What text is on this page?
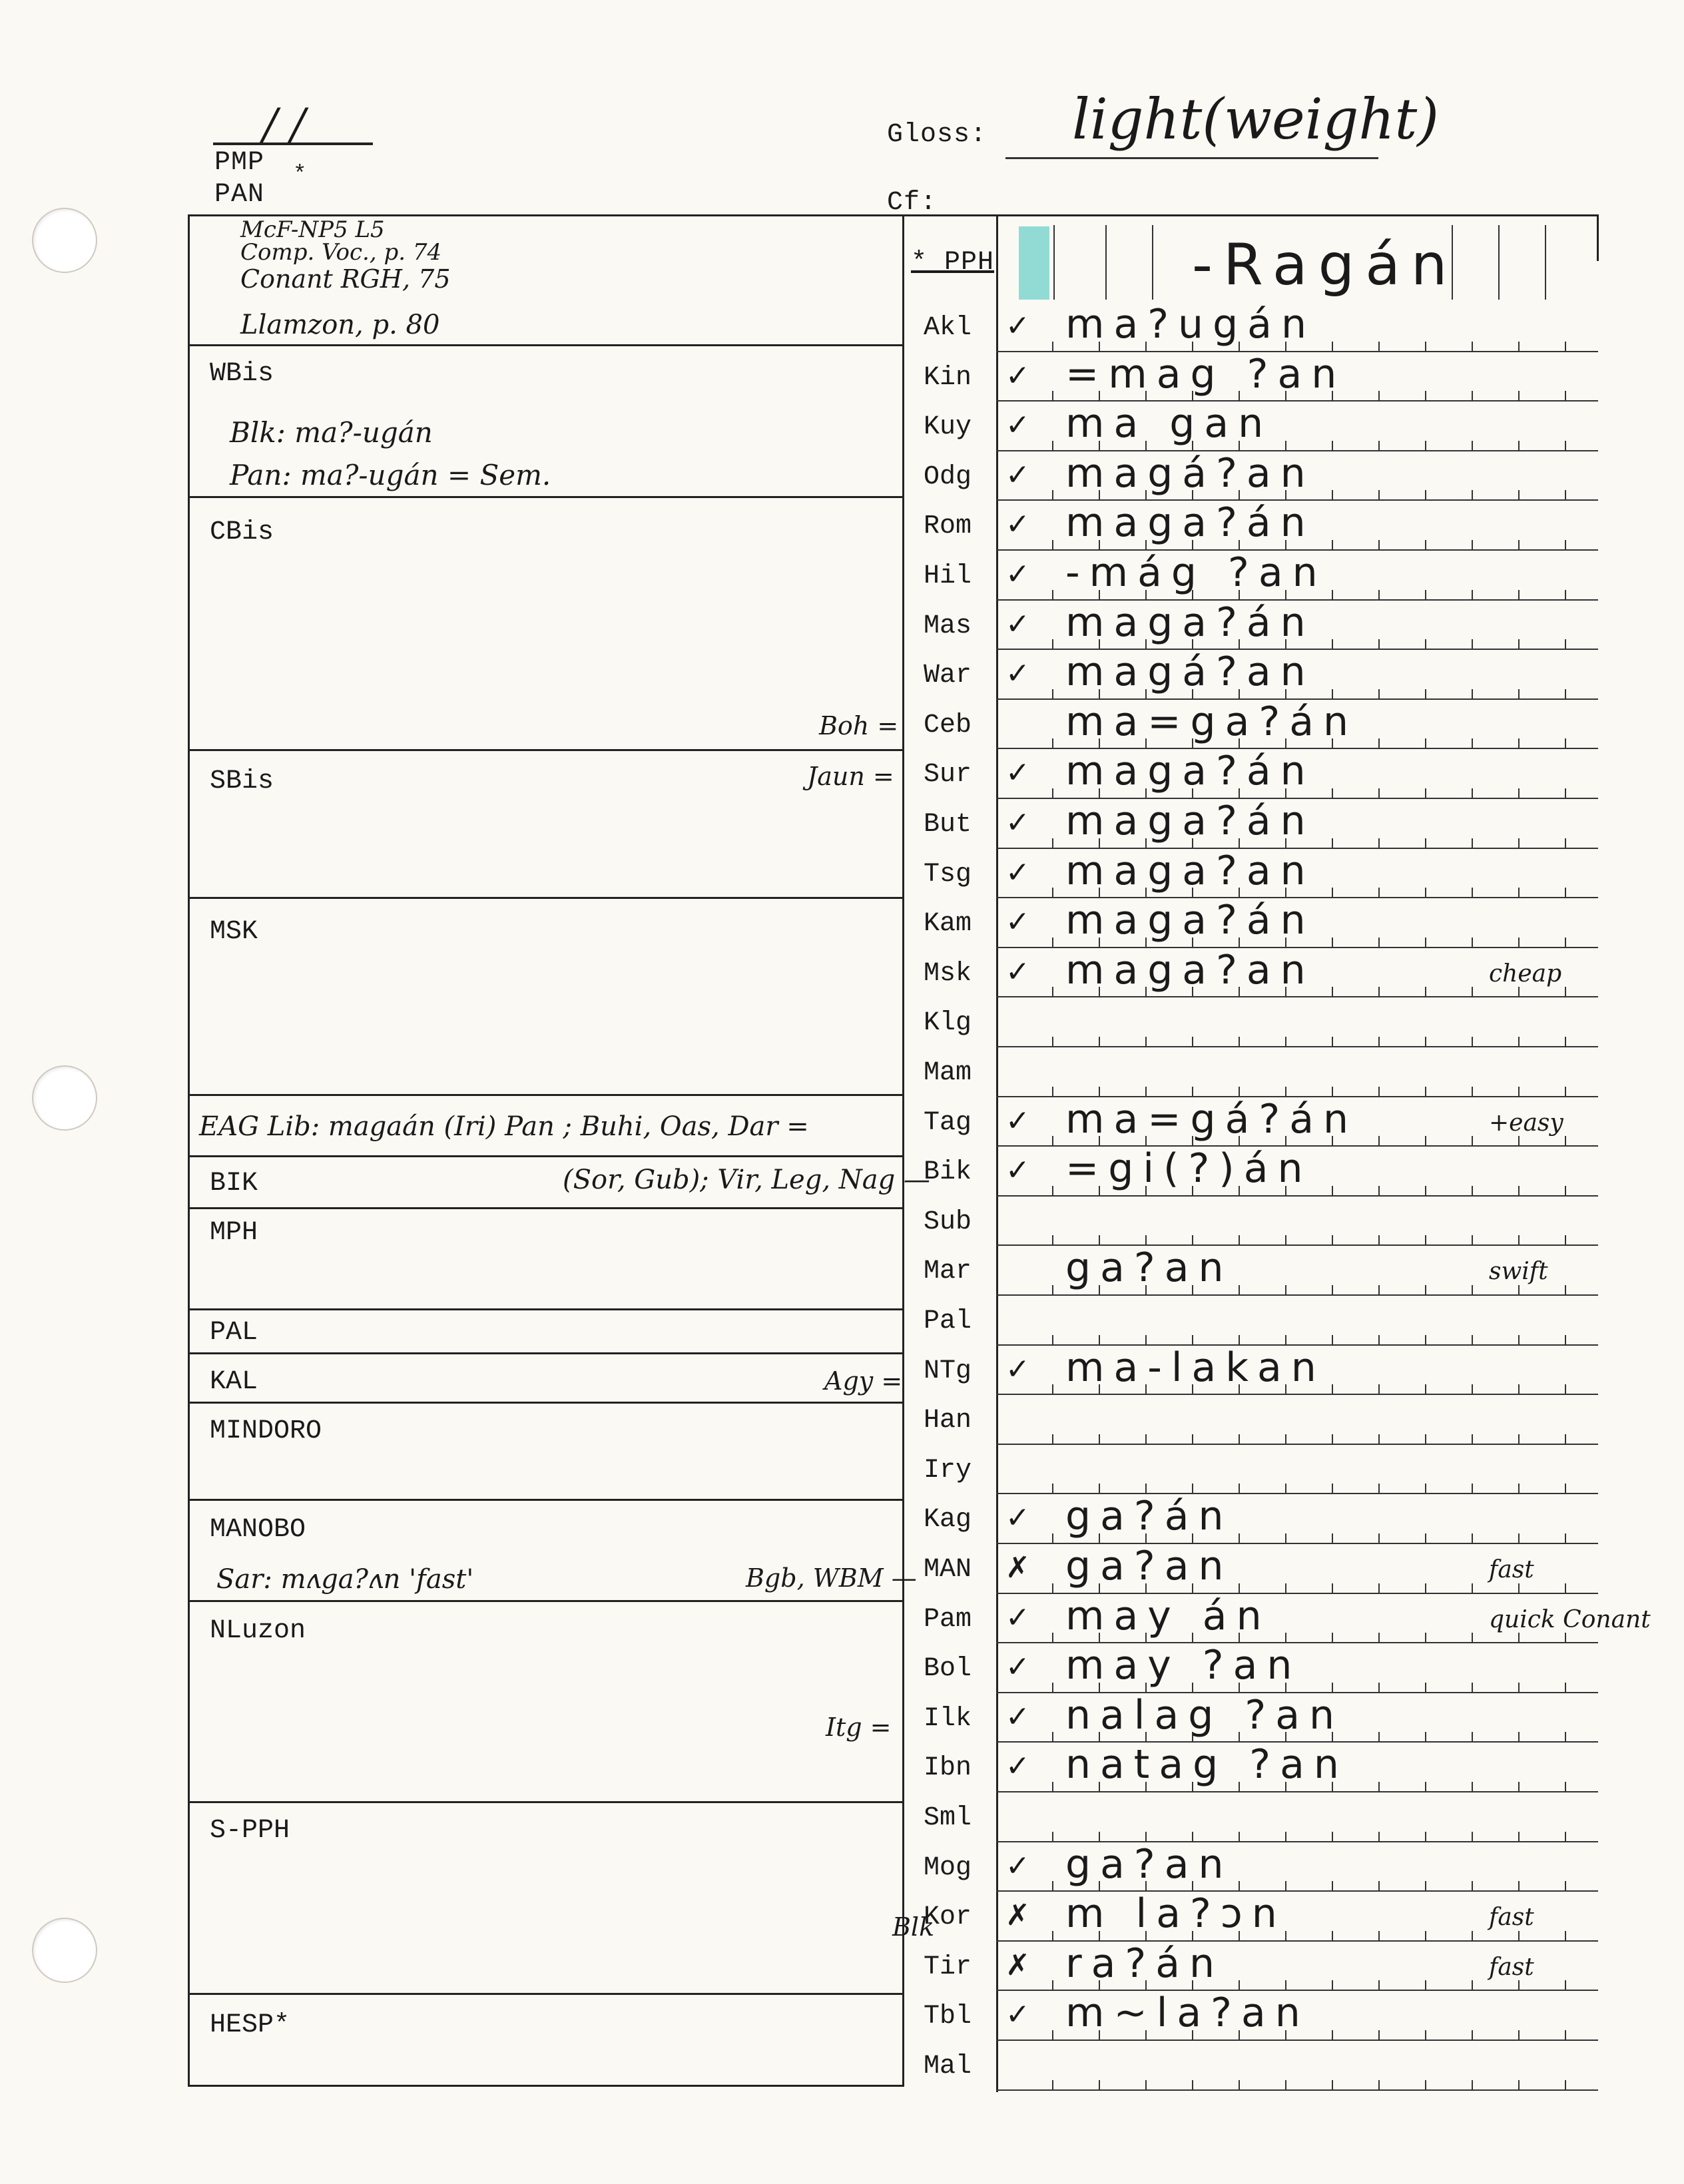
/ /
PMP
PAN
*
Gloss: light(weight)
Cf:
McF-NP5 L5
Comp. Voc., p. 74
Conant RGH, 75
Llamzon, p. 80
WBis
Blk: ma?-ugán
Pan: ma?-ugán = Sem.
CBis
SBis
MSK
EAG Lib: magaán (Iri) Pan ; Buhi, Oas, Dar =
BIK	(Sor, Gub); Vir, Leg, Nag —
MPH
PAL
KAL
MINDORO
MANOBO
Sar: mʌga?ʌn 'fast'
NLuzon
S-PPH
HESP*
Boh =
Jaun =
Agy =
Bgb, WBM —
Itg =
Blk
* PPH	-Ragán
Akl	✓ ma?ugán
Kin	✓ =mag ?an
Kuy	✓ ma gan
Odg	✓ magá?an
Rom	✓ maga?án
Hil	✓ -mág ?an
Mas	✓ maga?án
War	✓ magá?an
Ceb	ma=ga?án
Sur	✓ maga?án
But	✓ maga?án
Tsg	✓ maga?an
Kam	✓ maga?án
Msk	✓ maga?an	cheap
Klg
Mam
Tag	✓ ma=gá?án	+easy
Bik	✓ =gi(?)án
Sub
Mar	ga?an	swift
Pal
NTg	✓ ma-lakan
Han
Iry
Kag	✓ ga?án
MAN	✗ ga?an	fast
Pam	✓ may án	quick Conant
Bol	✓ may ?an
Ilk	✓ nalag ?an
Ibn	✓ natag ?an
Sml
Mog	✓ ga?an
Kor	✗ m la?ɔn	fast
Tir	✗ ra?án	fast
Tbl	✓ m~la?an
Mal
